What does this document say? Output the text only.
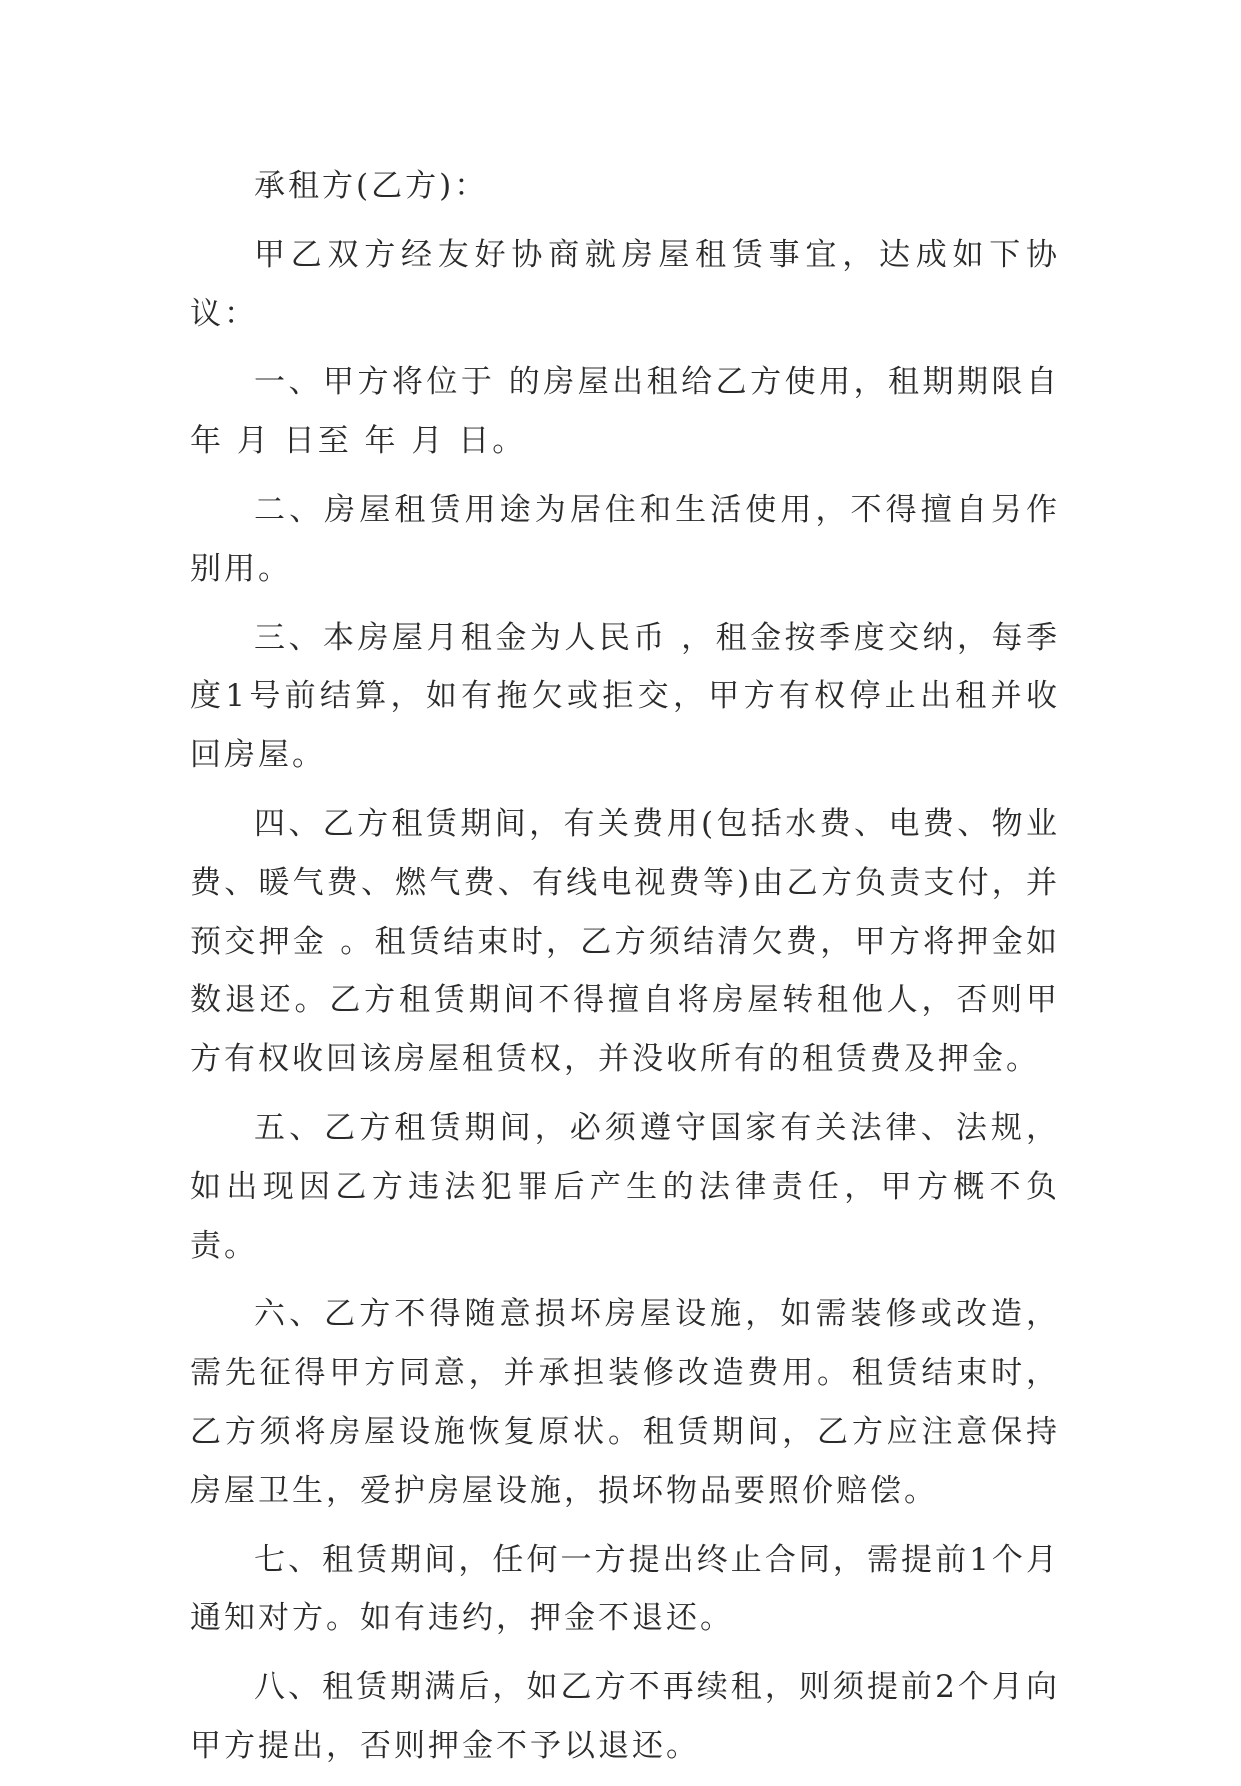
承租方(乙方)：

甲乙双方经友好协商就房屋租赁事宜，达成如下协议：

一、甲方将位于 的房屋出租给乙方使用，租期期限自 年 月 日至 年 月 日。

二、房屋租赁用途为居住和生活使用，不得擅自另作别用。

三、本房屋月租金为人民币 ，租金按季度交纳，每季度1号前结算，如有拖欠或拒交，甲方有权停止出租并收回房屋。

四、乙方租赁期间，有关费用(包括水费、电费、物业费、暖气费、燃气费、有线电视费等)由乙方负责支付，并预交押金 。租赁结束时，乙方须结清欠费，甲方将押金如数退还。乙方租赁期间不得擅自将房屋转租他人，否则甲方有权收回该房屋租赁权，并没收所有的租赁费及押金。

五、乙方租赁期间，必须遵守国家有关法律、法规，如出现因乙方违法犯罪后产生的法律责任，甲方概不负责。

六、乙方不得随意损坏房屋设施，如需装修或改造，需先征得甲方同意，并承担装修改造费用。租赁结束时，乙方须将房屋设施恢复原状。租赁期间，乙方应注意保持房屋卫生，爱护房屋设施，损坏物品要照价赔偿。

七、租赁期间，任何一方提出终止合同，需提前1个月通知对方。如有违约，押金不退还。

八、租赁期满后，如乙方不再续租，则须提前2个月向甲方提出，否则押金不予以退还。
